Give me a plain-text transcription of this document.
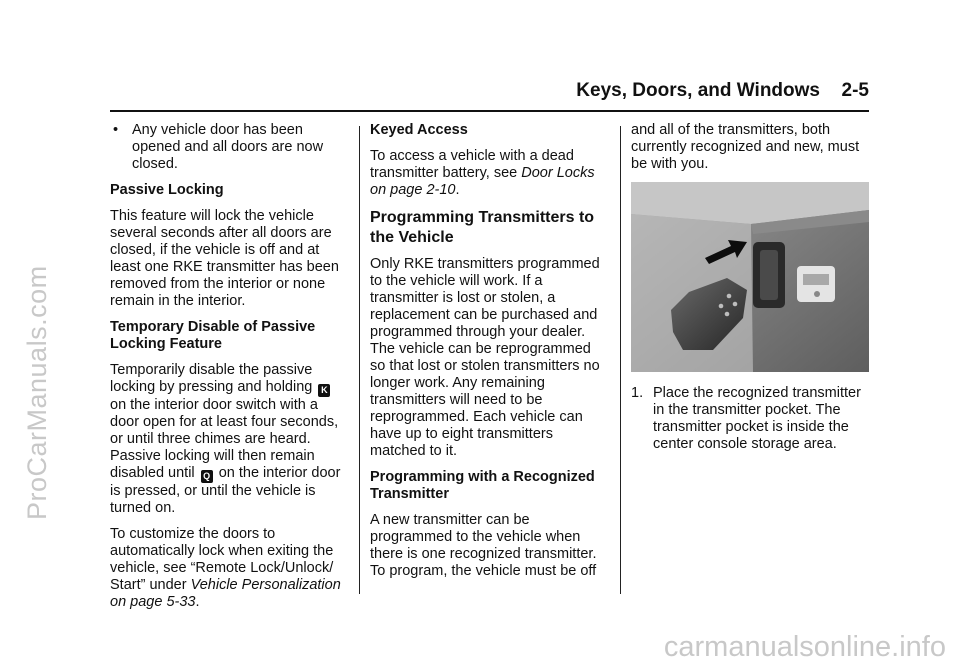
ProCarManuals.com
Keys, Doors, and Windows 2-5
• Any vehicle door has been opened and all doors are now closed.

Passive Locking

This feature will lock the vehicle several seconds after all doors are closed, if the vehicle is off and at least one RKE transmitter has been removed from the interior or none remain in the interior.

Temporary Disable of Passive Locking Feature

Temporarily disable the passive locking by pressing and holding K on the interior door switch with a door open for at least four seconds, or until three chimes are heard. Passive locking will then remain disabled until Q on the interior door is pressed, or until the vehicle is turned on.

To customize the doors to automatically lock when exiting the vehicle, see “Remote Lock/Unlock/ Start” under Vehicle Personalization on page 5-33.

Keyed Access

To access a vehicle with a dead transmitter battery, see Door Locks on page 2-10.

Programming Transmitters to the Vehicle

Only RKE transmitters programmed to the vehicle will work. If a transmitter is lost or stolen, a replacement can be purchased and programmed through your dealer. The vehicle can be reprogrammed so that lost or stolen transmitters no longer work. Any remaining transmitters will need to be reprogrammed. Each vehicle can have up to eight transmitters matched to it.

Programming with a Recognized Transmitter

A new transmitter can be programmed to the vehicle when there is one recognized transmitter. To program, the vehicle must be off

and all of the transmitters, both currently recognized and new, must be with you.

1. Place the recognized transmitter in the transmitter pocket. The transmitter pocket is inside the center console storage area.
carmanualsonline.info
